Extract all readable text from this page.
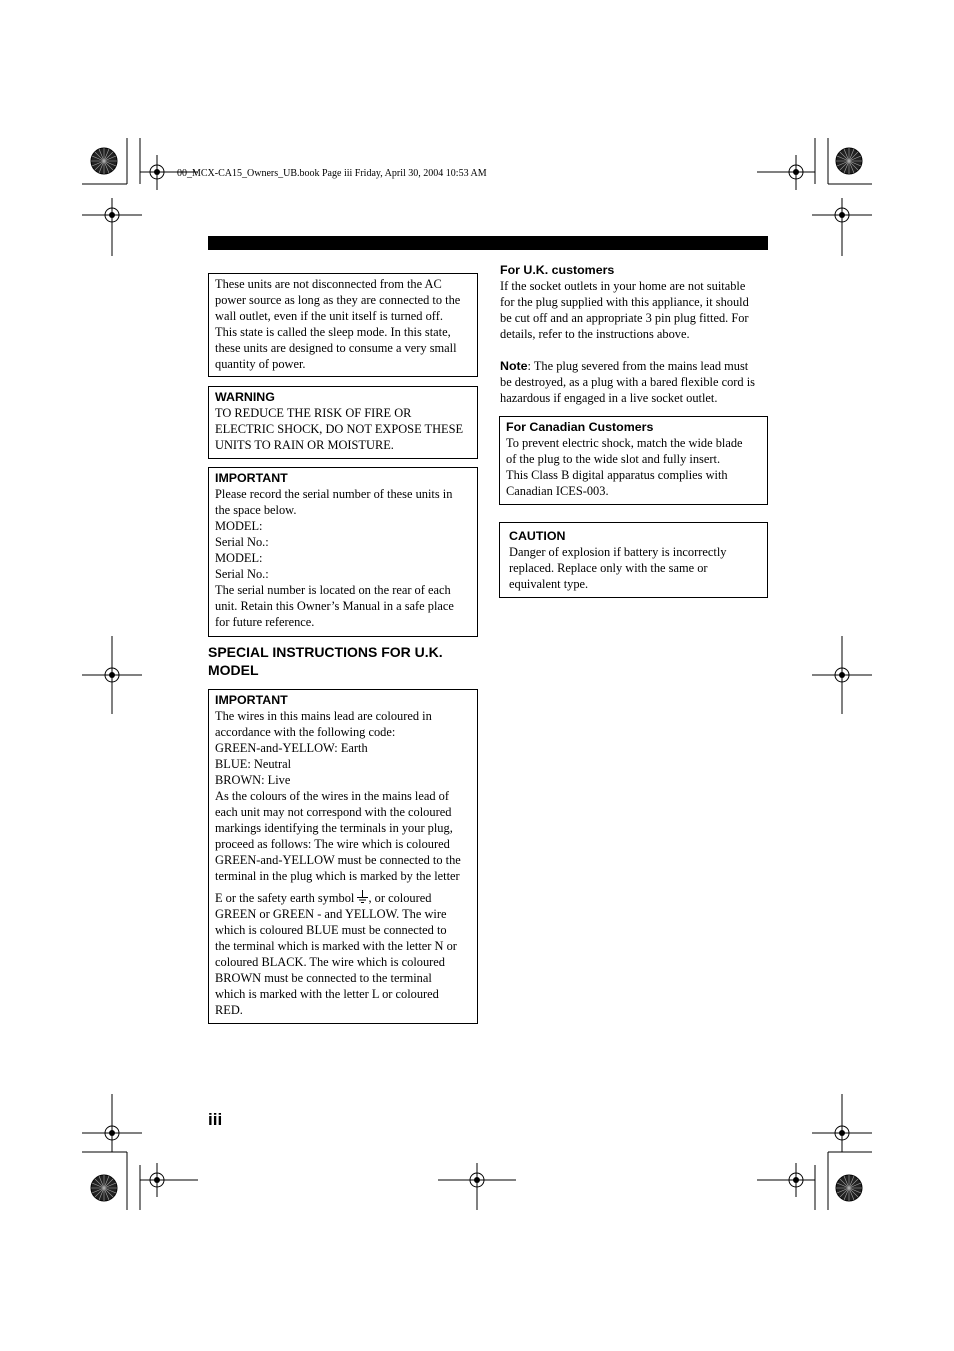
00_MCX-CA15_Owners_UB.book Page iii Friday, April 30, 2004 10:53 AM
These units are not disconnected from the AC
power source as long as they are connected to the
wall outlet, even if the unit itself is turned off.
This state is called the sleep mode. In this state,
these units are designed to consume a very small
quantity of power.
WARNING
TO REDUCE THE RISK OF FIRE OR
ELECTRIC SHOCK, DO NOT EXPOSE THESE
UNITS TO RAIN OR MOISTURE.
IMPORTANT
Please record the serial number of these units in
the space below.
MODEL:
Serial No.:
MODEL:
Serial No.:
The serial number is located on the rear of each
unit. Retain this Owner’s Manual in a safe place
for future reference.
SPECIAL INSTRUCTIONS FOR U.K.
MODEL
IMPORTANT
The wires in this mains lead are coloured in
accordance with the following code:
GREEN-and-YELLOW: Earth
BLUE: Neutral
BROWN: Live
As the colours of the wires in the mains lead of
each unit may not correspond with the coloured
markings identifying the terminals in your plug,
proceed as follows: The wire which is coloured
GREEN-and-YELLOW must be connected to the
terminal in the plug which is marked by the letter
E or the safety earth symbol , or coloured
GREEN or GREEN - and YELLOW. The wire
which is coloured BLUE must be connected to
the terminal which is marked with the letter N or
coloured BLACK. The wire which is coloured
BROWN must be connected to the terminal
which is marked with the letter L or coloured
RED.
For U.K. customers
If the socket outlets in your home are not suitable
for the plug supplied with this appliance, it should
be cut off and an appropriate 3 pin plug fitted. For
details, refer to the instructions above.
Note: The plug severed from the mains lead must
be destroyed, as a plug with a bared flexible cord is
hazardous if engaged in a live socket outlet.
For Canadian Customers
To prevent electric shock, match the wide blade
of the plug to the wide slot and fully insert.
This Class B digital apparatus complies with
Canadian ICES-003.
CAUTION
Danger of explosion if battery is incorrectly
replaced. Replace only with the same or
equivalent type.
iii
